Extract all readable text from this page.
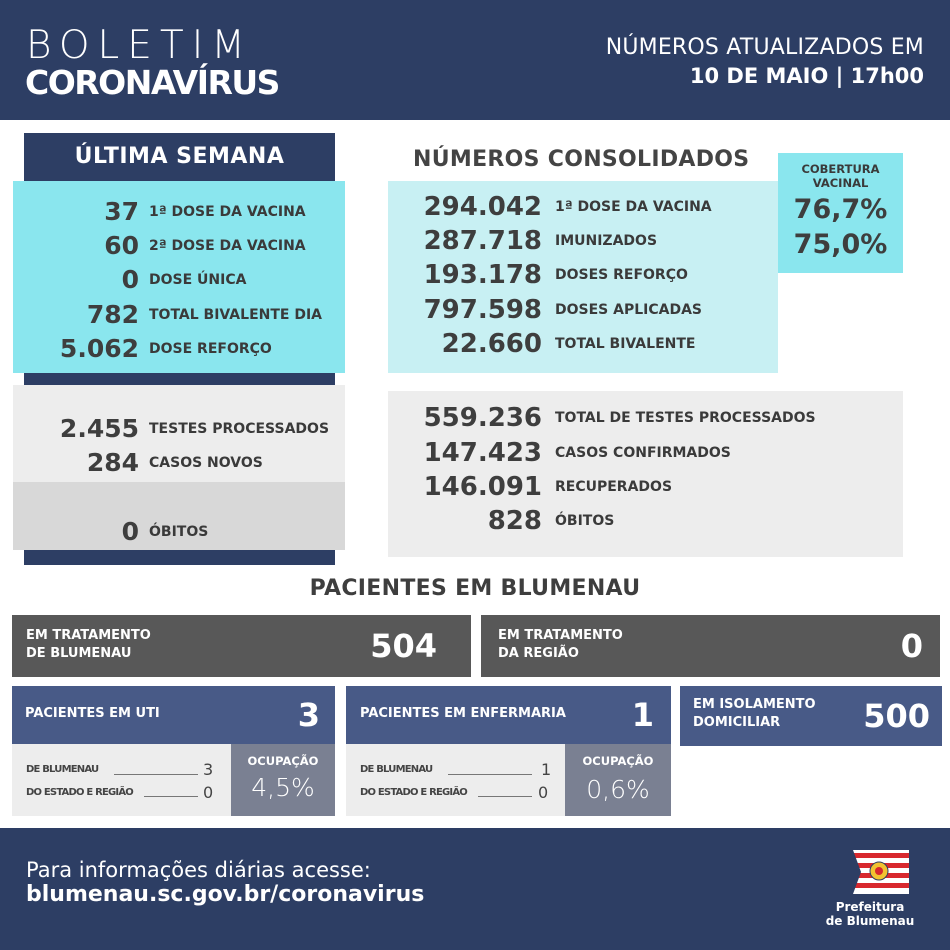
BOLETIM
CORONAVÍRUS
NÚMEROS ATUALIZADOS EM
10 DE MAIO | 17h00
ÚLTIMA SEMANA
37 1ª DOSE DA VACINA
60 2ª DOSE DA VACINA
0 DOSE ÚNICA
782 TOTAL BIVALENTE DIA
5.062 DOSE REFORÇO
2.455 TESTES PROCESSADOS
284 CASOS NOVOS
0 ÓBITOS
NÚMEROS CONSOLIDADOS
294.042 1ª DOSE DA VACINA
287.718 IMUNIZADOS
193.178 DOSES REFORÇO
797.598 DOSES APLICADAS
22.660 TOTAL BIVALENTE
COBERTURA
VACINAL
76,7%
75,0%
559.236 TOTAL DE TESTES PROCESSADOS
147.423 CASOS CONFIRMADOS
146.091 RECUPERADOS
828 ÓBITOS
PACIENTES EM BLUMENAU
EM TRATAMENTO
DE BLUMENAU	504	EM TRATAMENTO
DA REGIÃO	0
PACIENTES EM UTI	3
DE BLUMENAU	3
DO ESTADO E REGIÃO	0
OCUPAÇÃO
4,5%
PACIENTES EM ENFERMARIA 1
DE BLUMENAU	1
DO ESTADO E REGIÃO	0
OCUPAÇÃO
0,6%
EM ISOLAMENTO
DOMICILIAR	500
Para informações diárias acesse:
blumenau.sc.gov.br/coronavirus	Prefeitura
de Blumenau
